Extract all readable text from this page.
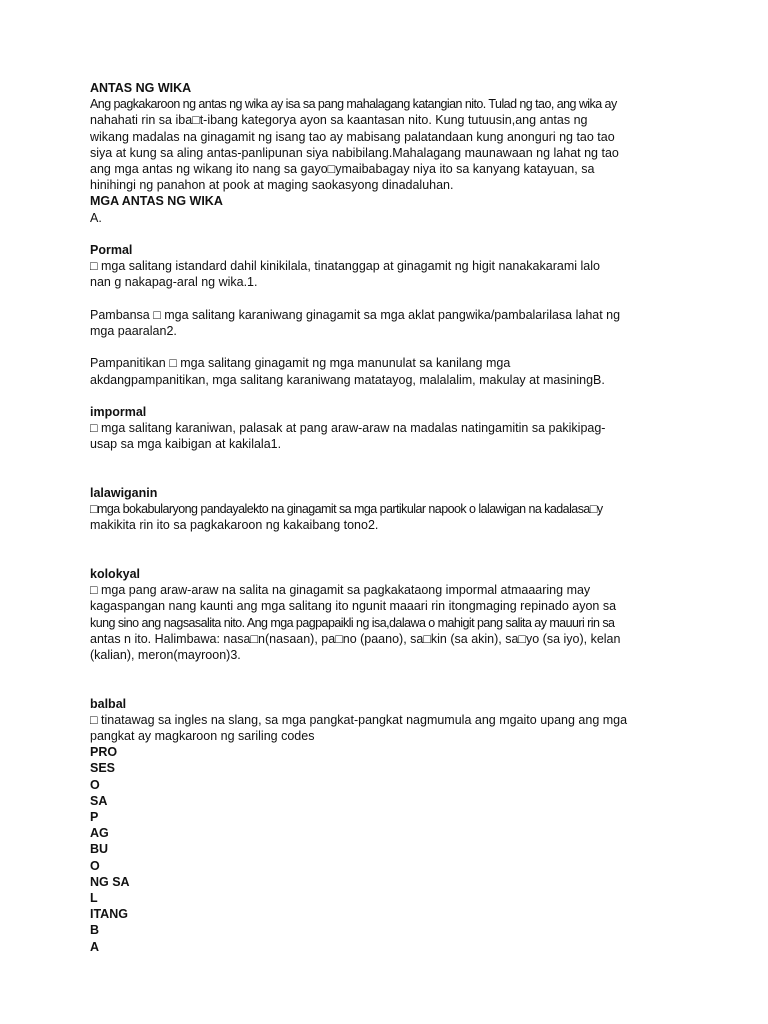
ANTAS NG WIKA
Ang pagkakaroon ng antas ng wika ay isa sa pang mahalagang katangian nito. Tulad ng tao, ang wika ay
nahahati rin sa iba□t-ibang kategorya ayon sa kaantasan nito. Kung tutuusin,ang antas ng
wikang madalas na ginagamit ng isang tao ay mabisang palatandaan kung anonguri ng tao tao
siya at kung sa aling antas-panlipunan siya nabibilang.Mahalagang maunawaan ng lahat ng tao
ang mga antas ng wikang ito nang sa gayo□ymaibabagay niya ito sa kanyang katayuan, sa
hinihingi ng panahon at pook at maging saokasyong dinadaluhan.
MGA ANTAS NG WIKA
A.
Pormal
□ mga salitang istandard dahil kinikilala, tinatanggap at ginagamit ng higit nanakakarami lalo
nan g nakapag-aral ng wika.1.
Pambansa □ mga salitang karaniwang ginagamit sa mga aklat pangwika/pambalarilasa lahat ng
mga paaralan2.
Pampanitikan □ mga salitang ginagamit ng mga manunulat sa kanilang mga
akdangpampanitikan, mga salitang karaniwang matatayog, malalalim, makulay at masiningB.
impormal
□ mga salitang karaniwan, palasak at pang araw-araw na madalas natingamitin sa pakikipag-
usap sa mga kaibigan at kakilala1.
lalawiganin
□mga bokabularyong pandayalekto na ginagamit sa mga partikular napook o lalawigan na kadalasa□y
makikita rin ito sa pagkakaroon ng kakaibang tono2.
kolokyal
□ mga pang araw-araw na salita na ginagamit sa pagkakataong impormal atmaaaring may
kagaspangan nang kaunti ang mga salitang ito ngunit maaari rin itongmaging repinado ayon sa
kung sino ang nagsasalita nito. Ang mga pagpapaikli ng isa,dalawa o mahigit pang salita ay mauuri rin sa
antas n ito. Halimbawa: nasa□n(nasaan), pa□no (paano), sa□kin (sa akin), sa□yo (sa iyo), kelan
(kalian), meron(mayroon)3.
balbal
□ tinatawag sa ingles na slang, sa mga pangkat-pangkat nagmumula ang mgaito upang ang mga
pangkat ay magkaroon ng sariling codes
PRO
SES
O
SA
P
AG
BU
O
NG SA
L
ITANG
B
A
